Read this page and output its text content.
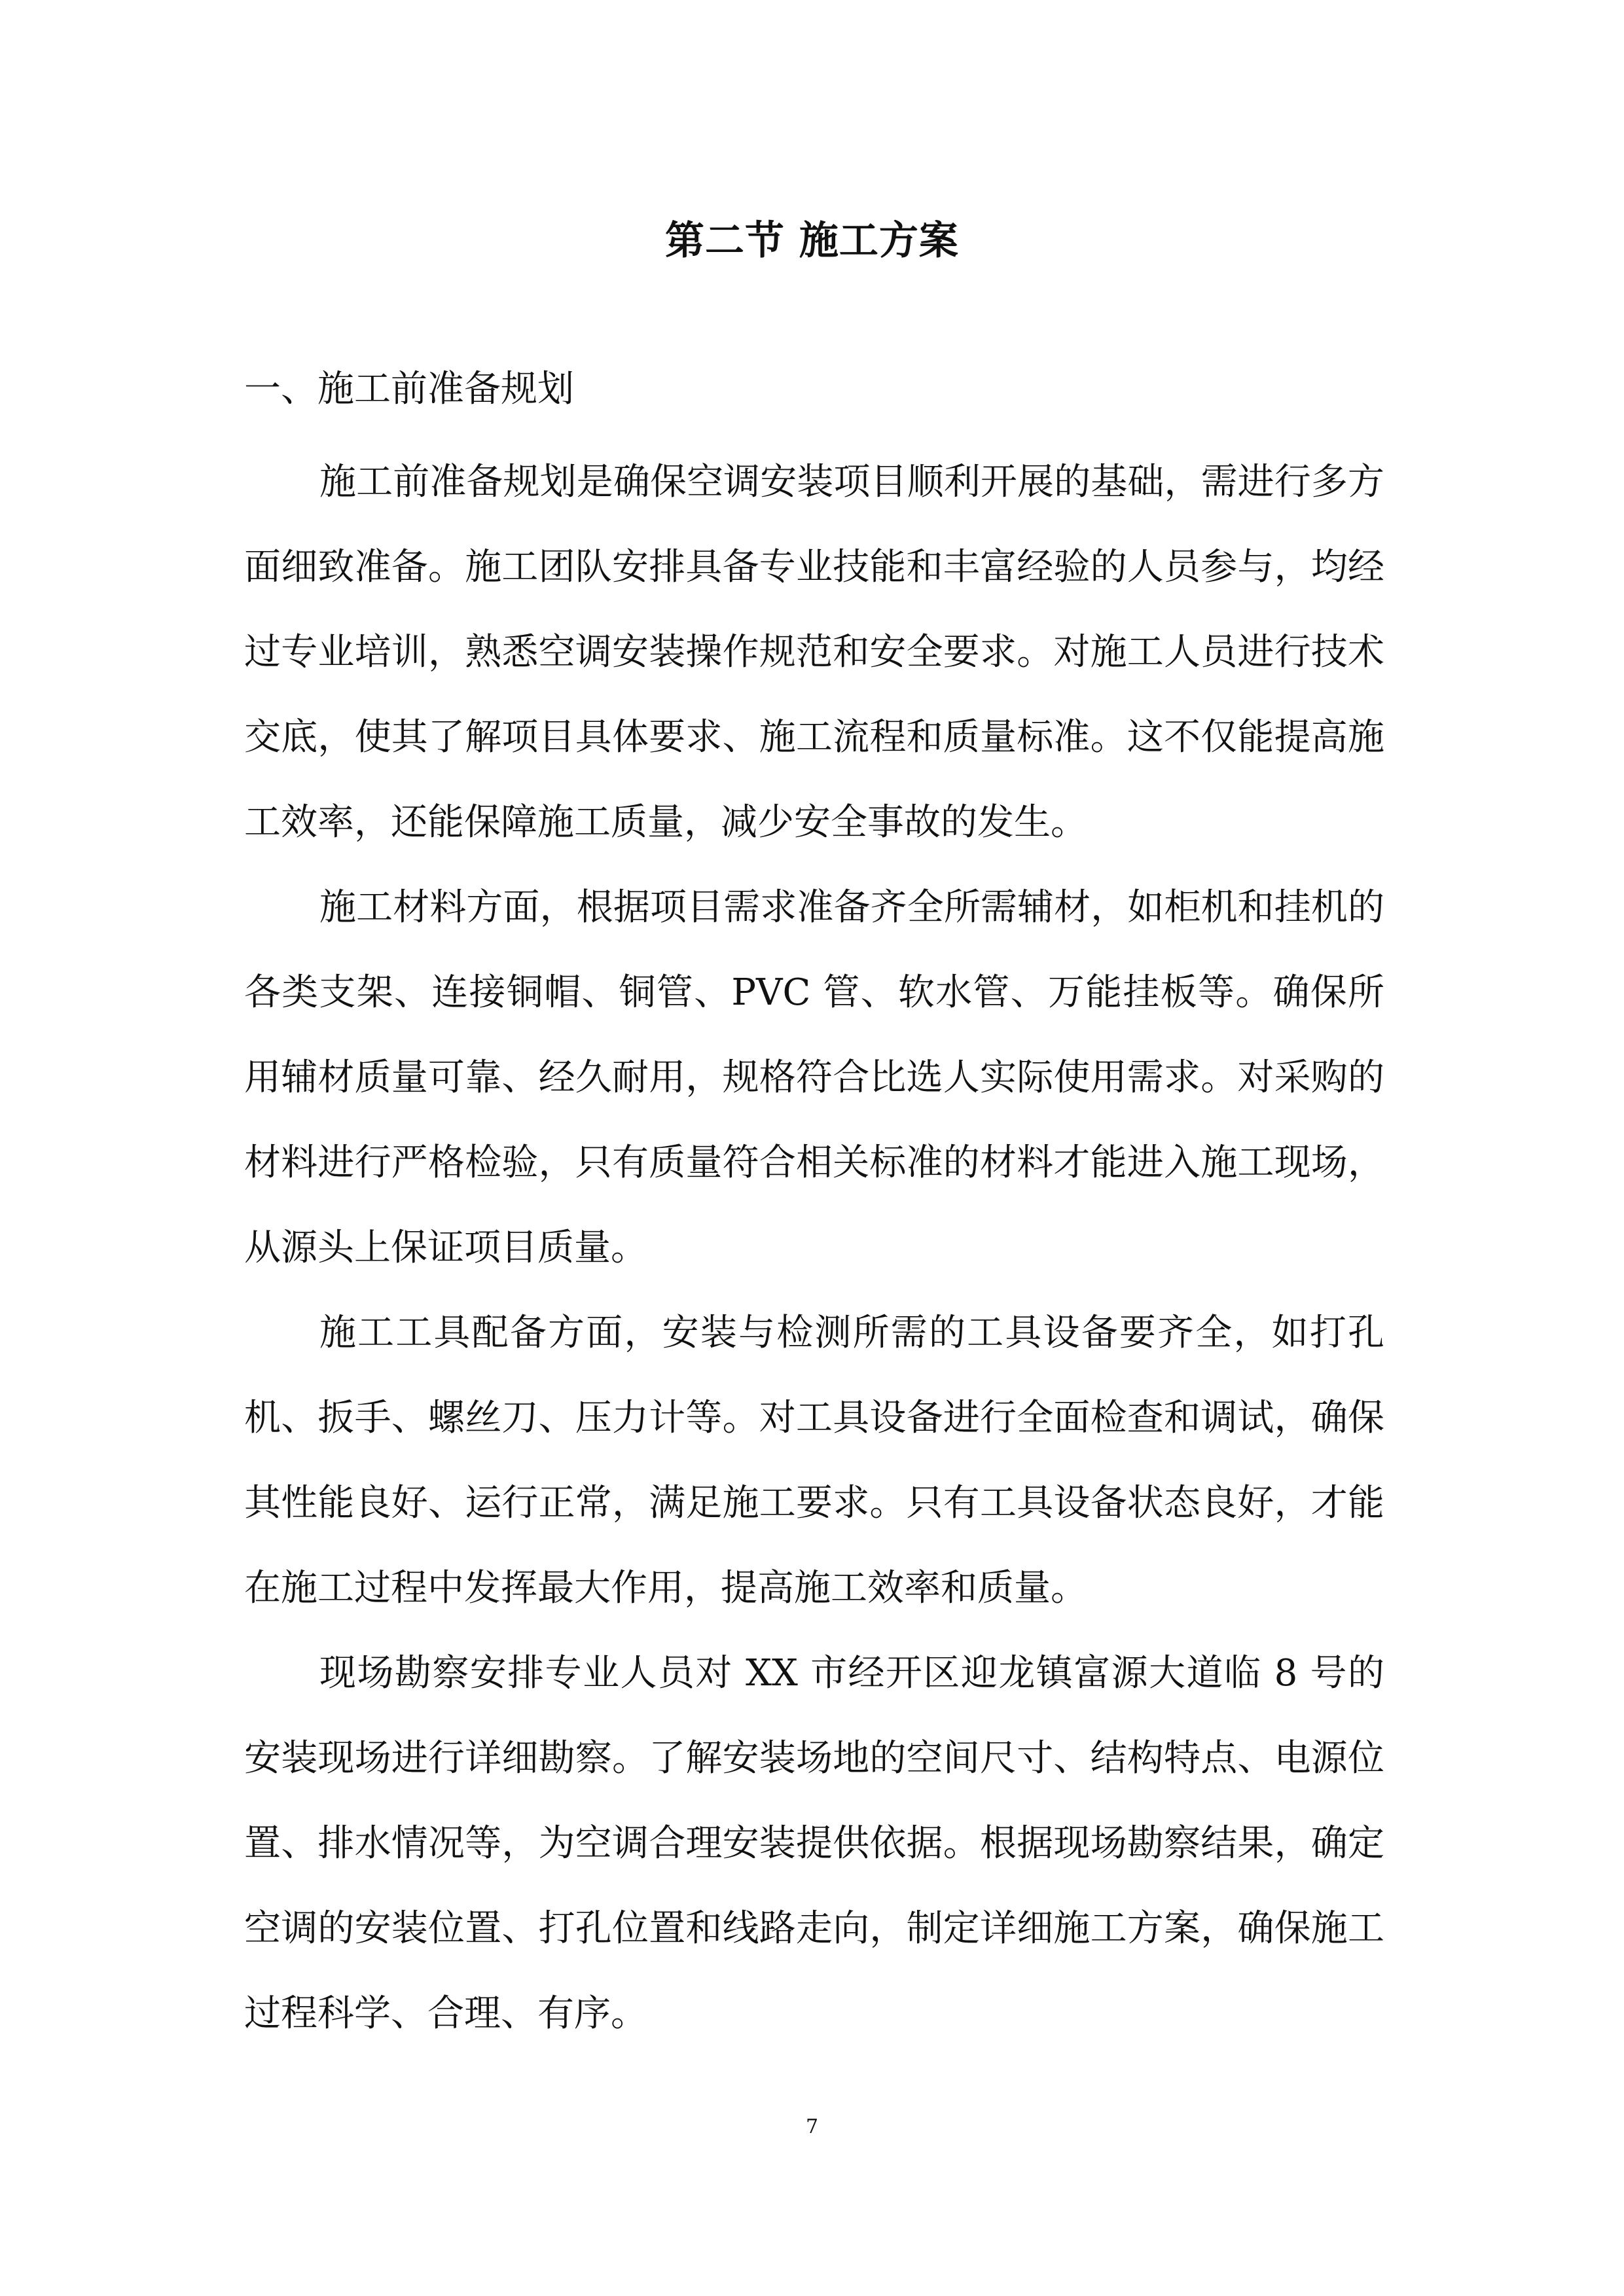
第二节 施工方案
一、施工前准备规划

施工前准备规划是确保空调安装项目顺利开展的基础，需进行多方面细致准备。施工团队安排具备专业技能和丰富经验的人员参与，均经过专业培训，熟悉空调安装操作规范和安全要求。对施工人员进行技术交底，使其了解项目具体要求、施工流程和质量标准。这不仅能提高施工效率，还能保障施工质量，减少安全事故的发生。

施工材料方面，根据项目需求准备齐全所需辅材，如柜机和挂机的各类支架、连接铜帽、铜管、PVC 管、软水管、万能挂板等。确保所用辅材质量可靠、经久耐用，规格符合比选人实际使用需求。对采购的材料进行严格检验，只有质量符合相关标准的材料才能进入施工现场，从源头上保证项目质量。

施工工具配备方面，安装与检测所需的工具设备要齐全，如打孔机、扳手、螺丝刀、压力计等。对工具设备进行全面检查和调试，确保其性能良好、运行正常，满足施工要求。只有工具设备状态良好，才能在施工过程中发挥最大作用，提高施工效率和质量。

现场勘察安排专业人员对 XX 市经开区迎龙镇富源大道临 8 号的安装现场进行详细勘察。了解安装场地的空间尺寸、结构特点、电源位置、排水情况等，为空调合理安装提供依据。根据现场勘察结果，确定空调的安装位置、打孔位置和线路走向，制定详细施工方案，确保施工过程科学、合理、有序。

7
